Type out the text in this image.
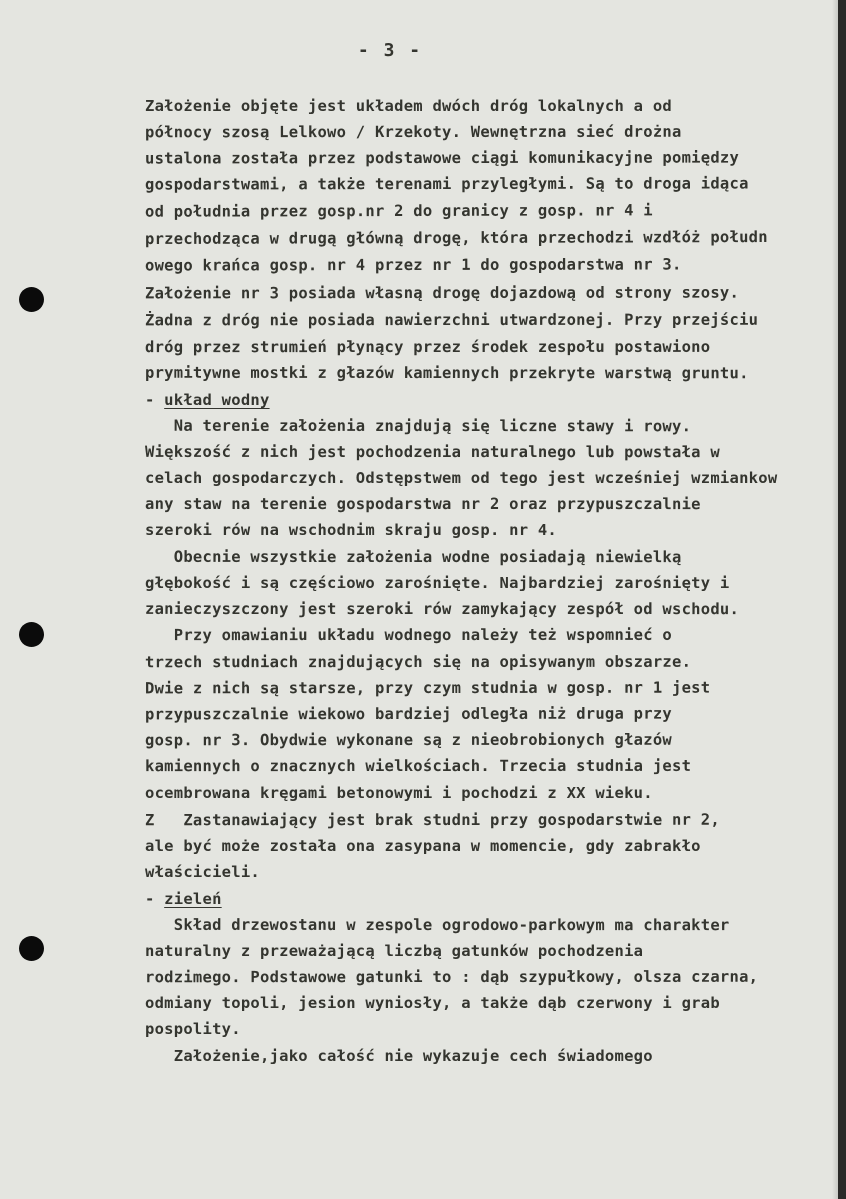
- 3 -
Założenie objęte jest układem dwóch dróg lokalnych a od
północy szosą Lelkowo / Krzekoty. Wewnętrzna sieć drożna
ustalona została przez podstawowe ciągi komunikacyjne pomiędzy
gospodarstwami, a także terenami przyległymi. Są to droga idąca
od południa przez gosp.nr 2 do granicy z gosp. nr 4 i
przechodząca w drugą główną drogę, która przechodzi wzdłóż połudn
owego krańca gosp. nr 4 przez nr 1 do gospodarstwa nr 3.
Założenie nr 3 posiada własną drogę dojazdową od strony szosy.
Żadna z dróg nie posiada nawierzchni utwardzonej. Przy przejściu
dróg przez strumień płynący przez środek zespołu postawiono
prymitywne mostki z głazów kamiennych przekryte warstwą gruntu.
- układ wodny
Na terenie założenia znajdują się liczne stawy i rowy.
Większość z nich jest pochodzenia naturalnego lub powstała w
celach gospodarczych. Odstępstwem od tego jest wcześniej wzmiankow
any staw na terenie gospodarstwa nr 2 oraz przypuszczalnie
szeroki rów na wschodnim skraju gosp. nr 4.
Obecnie wszystkie założenia wodne posiadają niewielką
głębokość i są częściowo zarośnięte. Najbardziej zarośnięty i
zanieczyszczony jest szeroki rów zamykający zespół od wschodu.
Przy omawianiu układu wodnego należy też wspomnieć o
trzech studniach znajdujących się na opisywanym obszarze.
Dwie z nich są starsze, przy czym studnia w gosp. nr 1 jest
przypuszczalnie wiekowo bardziej odległa niż druga przy
gosp. nr 3. Obydwie wykonane są z nieobrobionych głazów
kamiennych o znacznych wielkościach. Trzecia studnia jest
ocembrowana kręgami betonowymi i pochodzi z XX wieku.
Z   Zastanawiający jest brak studni przy gospodarstwie nr 2,
ale być może została ona zasypana w momencie, gdy zabrakło
właścicieli.
- zieleń
Skład drzewostanu w zespole ogrodowo-parkowym ma charakter
naturalny z przeważającą liczbą gatunków pochodzenia
rodzimego. Podstawowe gatunki to : dąb szypułkowy, olsza czarna,
odmiany topoli, jesion wyniosły, a także dąb czerwony i grab
pospolity.
Założenie,jako całość nie wykazuje cech świadomego
